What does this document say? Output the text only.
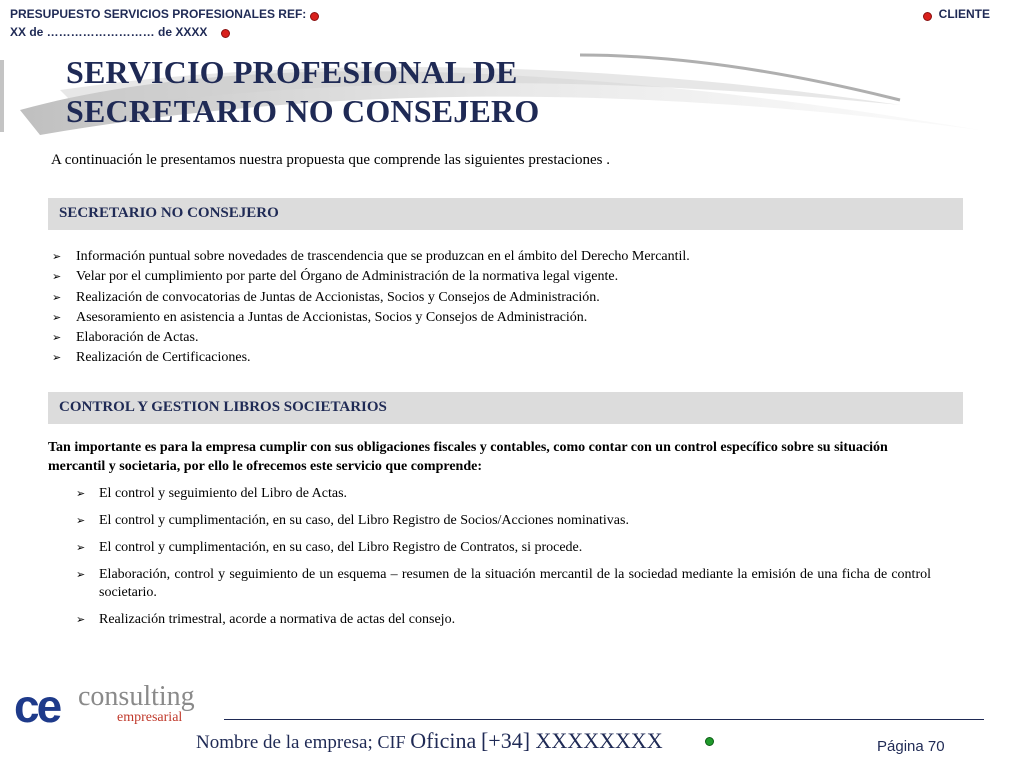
PRESUPUESTO SERVICIOS PROFESIONALES REF:
XX de ……………………… de XXXX
CLIENTE
SERVICIO PROFESIONAL DE
SECRETARIO NO CONSEJERO
A continuación le presentamos nuestra propuesta que comprende las siguientes prestaciones .
SECRETARIO NO CONSEJERO
➢ Información puntual sobre novedades de trascendencia que se produzcan en el ámbito del Derecho Mercantil.
➢ Velar por el cumplimiento por parte del Órgano de Administración de la normativa legal vigente.
➢ Realización de convocatorias de Juntas de Accionistas, Socios y Consejos de Administración.
➢ Asesoramiento en asistencia a Juntas de Accionistas, Socios y Consejos de Administración.
➢ Elaboración de Actas.
➢ Realización de Certificaciones.
CONTROL Y GESTION LIBROS SOCIETARIOS
Tan importante es para la empresa cumplir con sus obligaciones fiscales y contables, como contar con un control específico sobre su situación mercantil y societaria, por ello le ofrecemos este servicio que comprende:
➢ El control y seguimiento del Libro de Actas.
➢ El control y cumplimentación, en su caso, del Libro Registro de Socios/Acciones nominativas.
➢ El control y cumplimentación, en su caso, del Libro Registro de Contratos, si procede.
➢ Elaboración, control y seguimiento de un esquema – resumen de la situación mercantil de la sociedad mediante la emisión de una ficha de control societario.
➢ Realización trimestral, acorde a normativa de actas del consejo.
ce consulting
empresarial
Nombre de la empresa; CIF Oficina [+34] XXXXXXXX	Página 70
